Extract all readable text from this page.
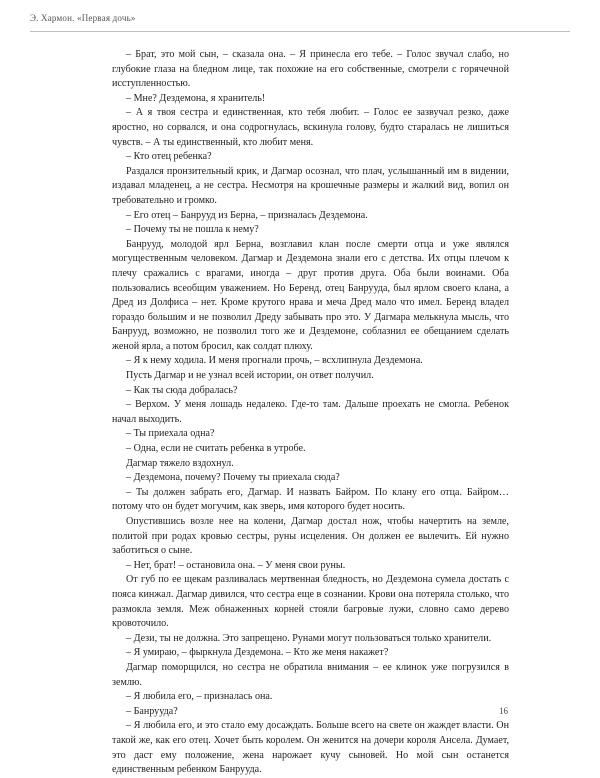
Э. Хармон. «Первая дочь»

– Брат, это мой сын, – сказала она. – Я принесла его тебе. – Голос звучал слабо, но глубокие глаза на бледном лице, так похожие на его собственные, смотрели с горячечной исступленностью.

– Мне? Дездемона, я хранитель!

– А я твоя сестра и единственная, кто тебя любит. – Голос ее зазвучал резко, даже яростно, но сорвался, и она содрогнулась, вскинула голову, будто старалась не лишиться чувств. – А ты единственный, кто любит меня.

– Кто отец ребенка?

Раздался пронзительный крик, и Дагмар осознал, что плач, услышанный им в видении, издавал младенец, а не сестра. Несмотря на крошечные размеры и жалкий вид, вопил он требовательно и громко.

– Его отец – Банрууд из Берна, – призналась Дездемона.

– Почему ты не пошла к нему?

Банрууд, молодой ярл Берна, возглавил клан после смерти отца и уже являлся могущественным человеком. Дагмар и Дездемона знали его с детства. Их отцы плечом к плечу сражались с врагами, иногда – друг против друга. Оба были воинами. Оба пользовались всеобщим уважением. Но Беренд, отец Банрууда, был ярлом своего клана, а Дред из Долфиса – нет. Кроме крутого нрава и меча Дред мало что имел. Беренд владел гораздо большим и не позволил Дреду забывать про это. У Дагмара мелькнула мысль, что Банрууд, возможно, не позволил того же и Дездемоне, соблазнил ее обещанием сделать женой ярла, а потом бросил, как солдат плюху.

– Я к нему ходила. И меня прогнали прочь, – всхлипнула Дездемона.

Пусть Дагмар и не узнал всей истории, он ответ получил.

– Как ты сюда добралась?

– Верхом. У меня лошадь недалеко. Где-то там. Дальше проехать не смогла. Ребенок начал выходить.

– Ты приехала одна?

– Одна, если не считать ребенка в утробе.

Дагмар тяжело вздохнул.

– Дездемона, почему? Почему ты приехала сюда?

– Ты должен забрать его, Дагмар. И назвать Байром. По клану его отца. Байром… потому что он будет могучим, как зверь, имя которого будет носить.

Опустившись возле нее на колени, Дагмар достал нож, чтобы начертить на земле, политой при родах кровью сестры, руны исцеления. Он должен ее вылечить. Ей нужно заботиться о сыне.

– Нет, брат! – остановила она. – У меня свои руны.

От губ по ее щекам разливалась мертвенная бледность, но Дездемона сумела достать с пояса кинжал. Дагмар дивился, что сестра еще в сознании. Крови она потеряла столько, что размокла земля. Меж обнаженных корней стояли багровые лужи, словно само дерево кровоточило.

– Дези, ты не должна. Это запрещено. Рунами могут пользоваться только хранители.

– Я умираю, – фыркнула Дездемона. – Кто же меня накажет?

Дагмар поморщился, но сестра не обратила внимания – ее клинок уже погрузился в землю.

– Я любила его, – призналась она.

– Банрууда?

– Я любила его, и это стало ему досаждать. Больше всего на свете он жаждет власти. Он такой же, как его отец. Хочет быть королем. Он женится на дочери короля Ансела. Думает, это даст ему положение, жена нарожает кучу сыновей. Но мой сын останется единственным ребенком Банрууда.

16
